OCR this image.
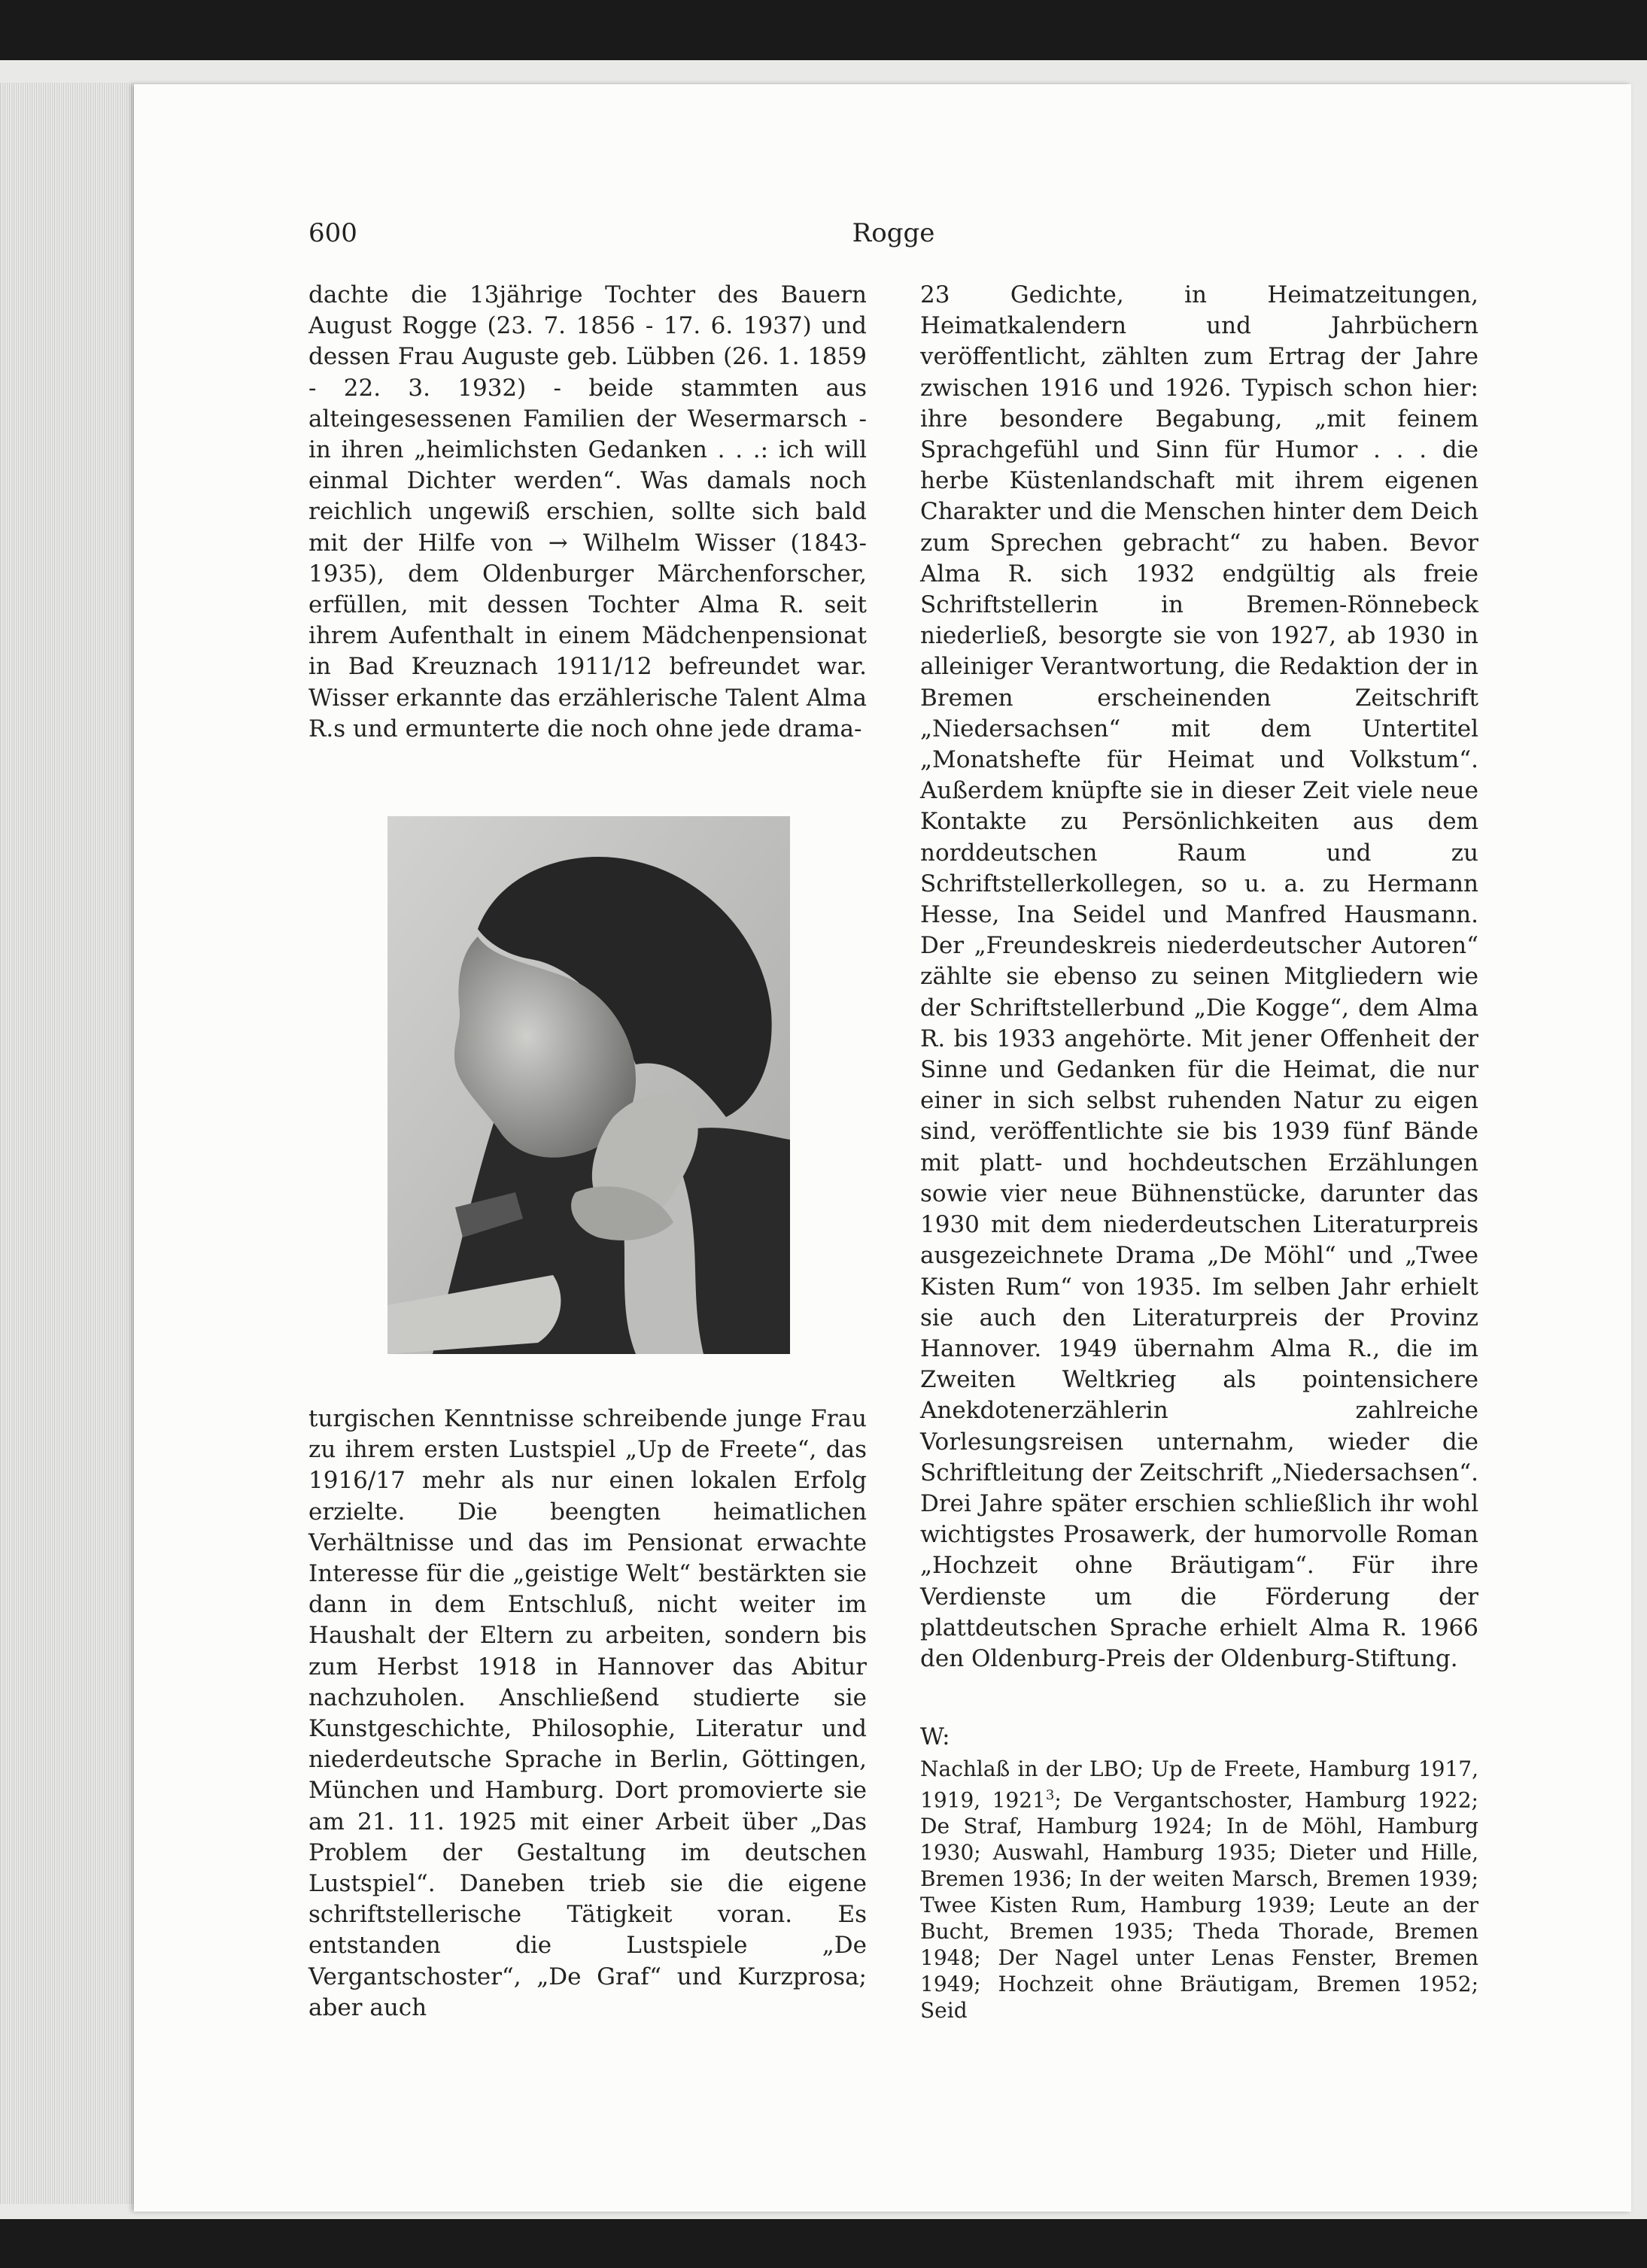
600	Rogge

dachte die 13jährige Tochter des Bauern August Rogge (23. 7. 1856 - 17. 6. 1937) und dessen Frau Auguste geb. Lübben (26. 1. 1859 - 22. 3. 1932) - beide stammten aus alteingesessenen Familien der Wesermarsch - in ihren „heimlichsten Gedanken . . .: ich will einmal Dichter werden“. Was damals noch reichlich ungewiß erschien, sollte sich bald mit der Hilfe von → Wilhelm Wisser (1843-1935), dem Oldenburger Märchenforscher, erfüllen, mit dessen Tochter Alma R. seit ihrem Aufenthalt in einem Mädchenpensionat in Bad Kreuznach 1911/12 befreundet war. Wisser erkannte das erzählerische Talent Alma R.s und ermunterte die noch ohne jede drama-

turgischen Kenntnisse schreibende junge Frau zu ihrem ersten Lustspiel „Up de Freete“, das 1916/17 mehr als nur einen lokalen Erfolg erzielte. Die beengten heimatlichen Verhältnisse und das im Pensionat erwachte Interesse für die „geistige Welt“ bestärkten sie dann in dem Entschluß, nicht weiter im Haushalt der Eltern zu arbeiten, sondern bis zum Herbst 1918 in Hannover das Abitur nachzuholen. Anschließend studierte sie Kunstgeschichte, Philosophie, Literatur und niederdeutsche Sprache in Berlin, Göttingen, München und Hamburg. Dort promovierte sie am 21. 11. 1925 mit einer Arbeit über „Das Problem der Gestaltung im deutschen Lustspiel“. Daneben trieb sie die eigene schriftstellerische Tätigkeit voran. Es entstanden die Lustspiele „De Vergantschoster“, „De Graf“ und Kurzprosa; aber auch

23 Gedichte, in Heimatzeitungen, Heimatkalendern und Jahrbüchern veröffentlicht, zählten zum Ertrag der Jahre zwischen 1916 und 1926. Typisch schon hier: ihre besondere Begabung, „mit feinem Sprachgefühl und Sinn für Humor . . . die herbe Küstenlandschaft mit ihrem eigenen Charakter und die Menschen hinter dem Deich zum Sprechen gebracht“ zu haben. Bevor Alma R. sich 1932 endgültig als freie Schriftstellerin in Bremen-Rönnebeck niederließ, besorgte sie von 1927, ab 1930 in alleiniger Verantwortung, die Redaktion der in Bremen erscheinenden Zeitschrift „Niedersachsen“ mit dem Untertitel „Monatshefte für Heimat und Volkstum“. Außerdem knüpfte sie in dieser Zeit viele neue Kontakte zu Persönlichkeiten aus dem norddeutschen Raum und zu Schriftstellerkollegen, so u. a. zu Hermann Hesse, Ina Seidel und Manfred Hausmann. Der „Freundeskreis niederdeutscher Autoren“ zählte sie ebenso zu seinen Mitgliedern wie der Schriftstellerbund „Die Kogge“, dem Alma R. bis 1933 angehörte. Mit jener Offenheit der Sinne und Gedanken für die Heimat, die nur einer in sich selbst ruhenden Natur zu eigen sind, veröffentlichte sie bis 1939 fünf Bände mit platt- und hochdeutschen Erzählungen sowie vier neue Bühnenstücke, darunter das 1930 mit dem niederdeutschen Literaturpreis ausgezeichnete Drama „De Möhl“ und „Twee Kisten Rum“ von 1935. Im selben Jahr erhielt sie auch den Literaturpreis der Provinz Hannover. 1949 übernahm Alma R., die im Zweiten Weltkrieg als pointensichere Anekdotenerzählerin zahlreiche Vorlesungsreisen unternahm, wieder die Schriftleitung der Zeitschrift „Niedersachsen“. Drei Jahre später erschien schließlich ihr wohl wichtigstes Prosawerk, der humorvolle Roman „Hochzeit ohne Bräutigam“. Für ihre Verdienste um die Förderung der plattdeutschen Sprache erhielt Alma R. 1966 den Oldenburg-Preis der Oldenburg-Stiftung.

W:

Nachlaß in der LBO; Up de Freete, Hamburg 1917, 1919, 1921$^3$; De Vergantschoster, Hamburg 1922; De Straf, Hamburg 1924; In de Möhl, Hamburg 1930; Auswahl, Hamburg 1935; Dieter und Hille, Bremen 1936; In der weiten Marsch, Bremen 1939; Twee Kisten Rum, Hamburg 1939; Leute an der Bucht, Bremen 1935; Theda Thorade, Bremen 1948; Der Nagel unter Lenas Fenster, Bremen 1949; Hochzeit ohne Bräutigam, Bremen 1952; Seid
